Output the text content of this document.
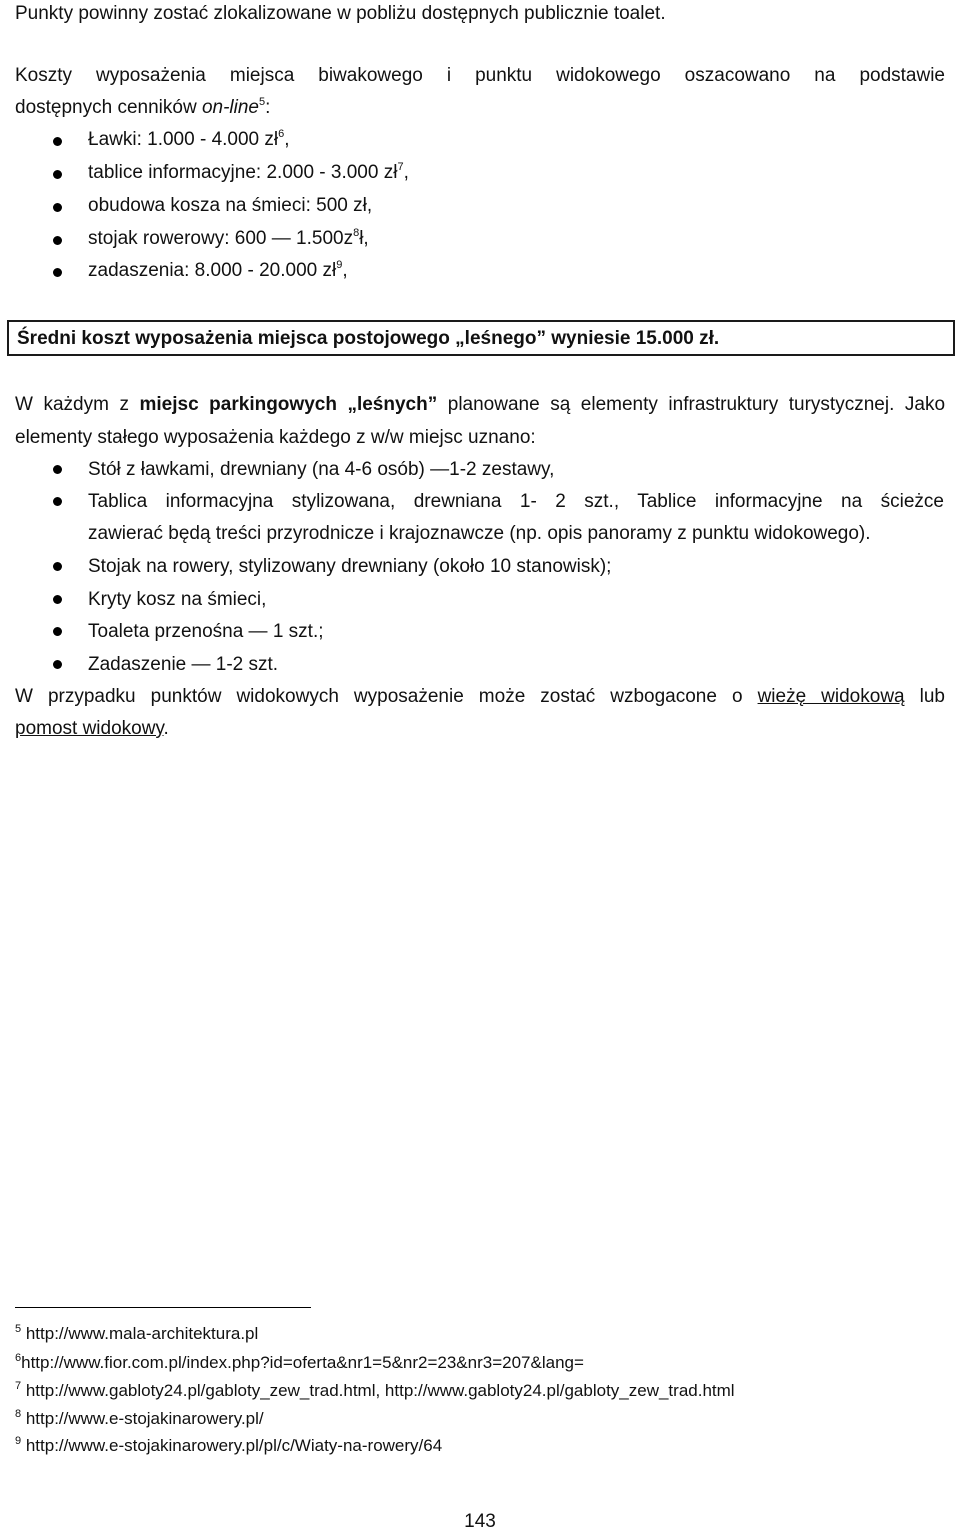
Punkty powinny zostać zlokalizowane w pobliżu dostępnych publicznie toalet.
Koszty wyposażenia miejsca biwakowego i punktu widokowego oszacowano na podstawie
dostępnych cenników on-line$^5$:
Ławki: 1.000 - 4.000 $zł^6$,
tablice informacyjne: 2.000 - 3.000 $zł^7$,
obudowa kosza na śmieci: 500 zł,
stojak rowerowy: 600 — $1.500z^8ł$,
zadaszenia: 8.000 - 20.000 $zł^9$,
Średni koszt wyposażenia miejsca postojowego „leśnego” wyniesie 15.000 zł.
W każdym z miejsc parkingowych „leśnych” planowane są elementy infrastruktury turystycznej. Jako
elementy stałego wyposażenia każdego z w/w miejsc uznano:
Stół z ławkami, drewniany (na 4-6 osób) —1-2 zestawy,
Tablica informacyjna stylizowana, drewniana 1- 2 szt., Tablice informacyjne na ścieżce
zawierać będą treści przyrodnicze i krajoznawcze (np. opis panoramy z punktu widokowego).
Stojak na rowery, stylizowany drewniany (około 10 stanowisk);
Kryty kosz na śmieci,
Toaleta przenośna — 1 szt.;
Zadaszenie — 1-2 szt.
W przypadku punktów widokowych wyposażenie może zostać wzbogacone o wieżę widokową lub
pomost widokowy.
$^5$ http://www.mala-architektura.pl
$^6$http://www.fior.com.pl/index.php?id=oferta&nr1=5&nr2=23&nr3=207&lang=
$^7$ http://www.gabloty24.pl/gabloty_zew_trad.html, http://www.gabloty24.pl/gabloty_zew_trad.html
$^8$ http://www.e-stojakinarowery.pl/
$^9$ http://www.e-stojakinarowery.pl/pl/c/Wiaty-na-rowery/64
143
